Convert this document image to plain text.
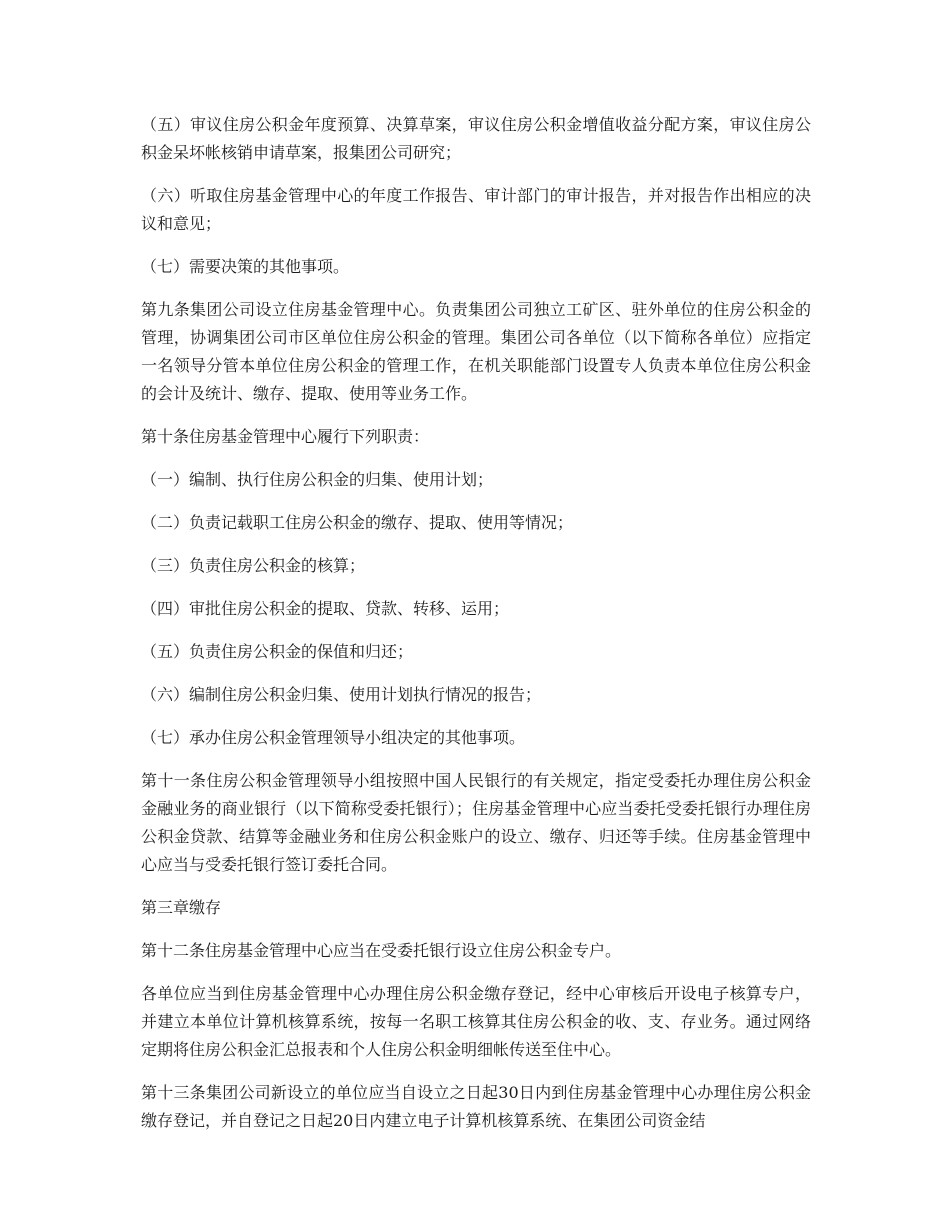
（五）审议住房公积金年度预算、决算草案，审议住房公积金增值收益分配方案，审议住房公积金呆坏帐核销申请草案，报集团公司研究；

（六）听取住房基金管理中心的年度工作报告、审计部门的审计报告，并对报告作出相应的决议和意见；

（七）需要决策的其他事项。

第九条集团公司设立住房基金管理中心。负责集团公司独立工矿区、驻外单位的住房公积金的管理，协调集团公司市区单位住房公积金的管理。集团公司各单位（以下简称各单位）应指定一名领导分管本单位住房公积金的管理工作，在机关职能部门设置专人负责本单位住房公积金的会计及统计、缴存、提取、使用等业务工作。

第十条住房基金管理中心履行下列职责：

（一）编制、执行住房公积金的归集、使用计划；

（二）负责记载职工住房公积金的缴存、提取、使用等情况；

（三）负责住房公积金的核算；

（四）审批住房公积金的提取、贷款、转移、运用；

（五）负责住房公积金的保值和归还；

（六）编制住房公积金归集、使用计划执行情况的报告；

（七）承办住房公积金管理领导小组决定的其他事项。

第十一条住房公积金管理领导小组按照中国人民银行的有关规定，指定受委托办理住房公积金金融业务的商业银行（以下简称受委托银行）；住房基金管理中心应当委托受委托银行办理住房公积金贷款、结算等金融业务和住房公积金账户的设立、缴存、归还等手续。住房基金管理中心应当与受委托银行签订委托合同。

第三章缴存

第十二条住房基金管理中心应当在受委托银行设立住房公积金专户。

各单位应当到住房基金管理中心办理住房公积金缴存登记，经中心审核后开设电子核算专户，并建立本单位计算机核算系统，按每一名职工核算其住房公积金的收、支、存业务。通过网络定期将住房公积金汇总报表和个人住房公积金明细帐传送至住中心。

第十三条集团公司新设立的单位应当自设立之日起30日内到住房基金管理中心办理住房公积金缴存登记，并自登记之日起20日内建立电子计算机核算系统、在集团公司资金结
